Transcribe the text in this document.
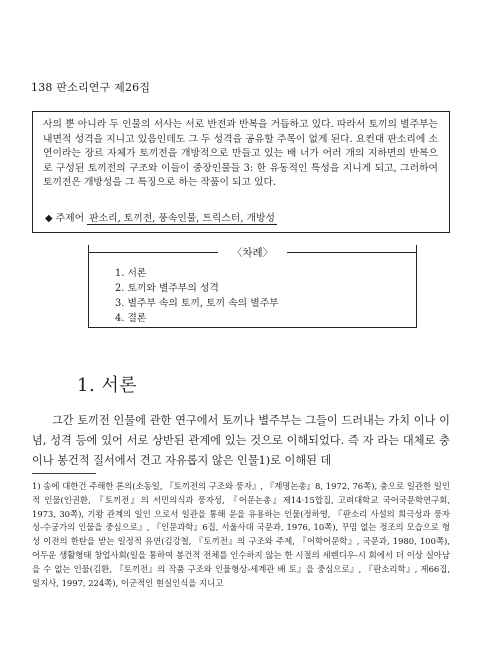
138 판소리연구 제26집

사의 뿐 아니라 두 인물의 서사는 서로 반전과 반복을 거듭하고 있다. 따라서 토끼의 별주부는 내면적 성격을 지니고 있음인데도 그 두 성격을 공유할 주목이 없게 된다. 요컨대 판소리에 소연이라는 장르 자체가 토끼전을 개방적으로 만들고 있는 배 너가 어러 개의 지하면의 반복으로 구성된 토끼전의 구조와 이들이 중장인물들 3: 한 유동적인 특성을 지니게 되고, 그러하여 토끼전은 개방성을 그 특징으로 하는 작품이 되고 있다.

◆ 주제어 판소리, 토끼전, 풍속인물, 트릭스터, 개방성
〈차례〉
1. 서론
2. 토끼와 별주부의 성격
3. 별주부 속의 토끼, 토끼 속의 별주부
4. 결론
1. 서론

그간 토끼전 인물에 관한 연구에서 토끼나 별주부는 그들이 드러내는 가치 이나 이념, 성격 등에 있어 서로 상반된 관계에 있는 것으로 이해되었다. 즉 자 라는 대체로 충이나 봉건적 질서에서 견고 자유롭지 않은 인물1)로 이해된 데

1) 송에 대한건 주해한 론의(소동일, 『토끼전의 구조와 풍자』, 『계명논총』8, 1972, 76쪽), 충으로 일관한 일인적 인물(인권환, 『토끼전』의 서민의식과 풍자성, 『어문논총』제14·15합집, 고려대학교 국어국문학연구회, 1973, 30쪽), 기왕 관계의 일인 으로서 일관을 통해 운을 유용하는 인물(정하영, 『판소리 사설의 희극성과 풍자성-수궁가의 인물을 중심으로』, 『인문과학』6집, 서울사대 국문과, 1976, 10쪽), 꾸밈 없는 정조의 모습으로 형성 이전의 한탄을 받는 일정적 유연(김강철, 『토끼전』의 구조와 주제, 『어학어문학』, 국문과, 1980, 100쪽), 어두운 생활형태 창업사회(일을 통하여 봉건적 전체를 인수하지 않는 한 시절의 세렌디우-시 회에서 더 이상 실아남을 수 없는 인물(김환, 『토끼전』의 작품 구조와 인물형상-세계관 배 토』을 중심으로』, 『판소리학』, 제66집, 일지사, 1997, 224쪽), 이군적인 현실인식을 지니고
